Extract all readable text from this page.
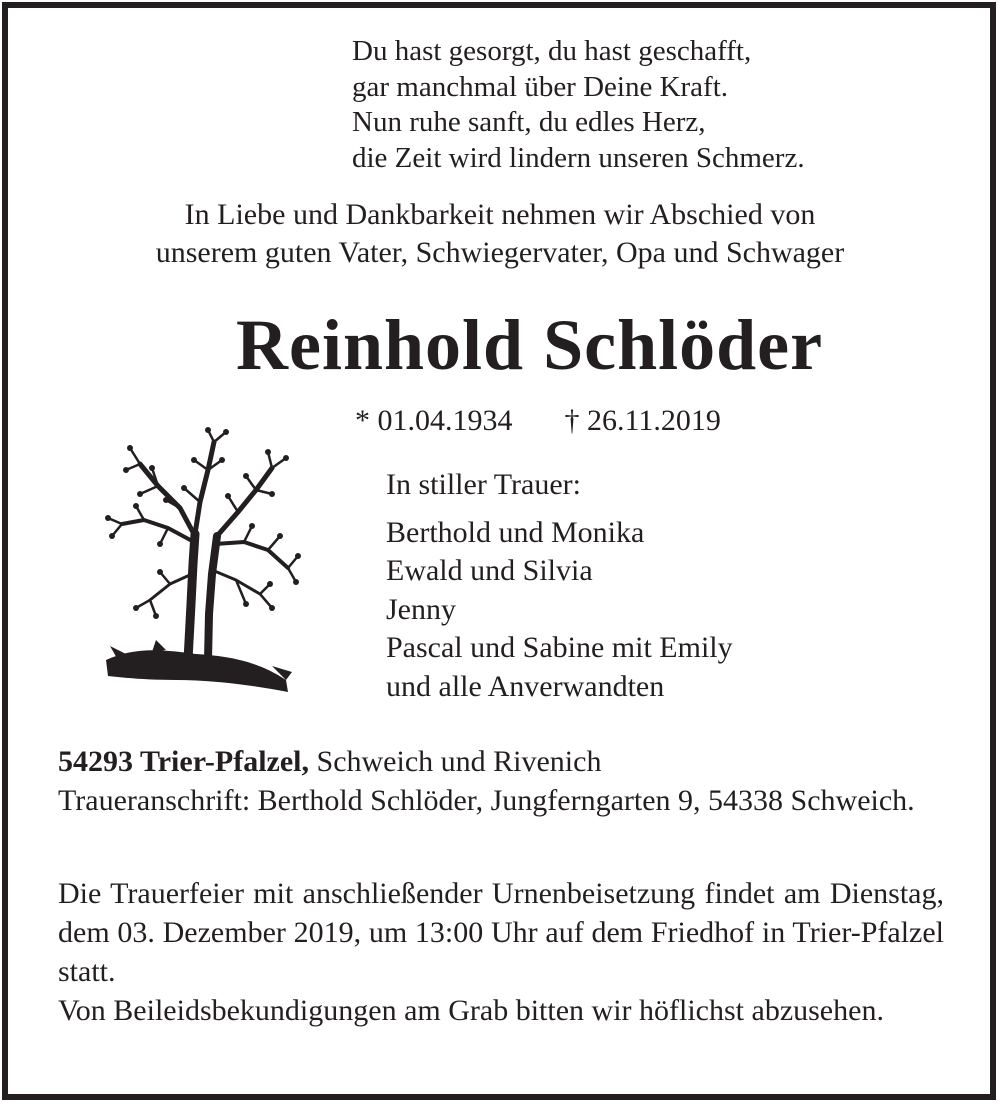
Du hast gesorgt, du hast geschafft,
gar manchmal über Deine Kraft.
Nun ruhe sanft, du edles Herz,
die Zeit wird lindern unseren Schmerz.
In Liebe und Dankbarkeit nehmen wir Abschied von
unserem guten Vater, Schwiegervater, Opa und Schwager
Reinhold Schlöder
* 01.04.1934 † 26.11.2019
In stiller Trauer:
Berthold und Monika
Ewald und Silvia
Jenny
Pascal und Sabine mit Emily
und alle Anverwandten
54293 Trier-Pfalzel, Schweich und Rivenich
Traueranschrift: Berthold Schlöder, Jungferngarten 9, 54338 Schweich.

Die Trauerfeier mit anschließender Urnenbeisetzung findet am Dienstag, dem 03. Dezember 2019, um 13:00 Uhr auf dem Friedhof in Trier-Pfalzel statt.

Von Beileidsbekundigungen am Grab bitten wir höflichst abzusehen.
